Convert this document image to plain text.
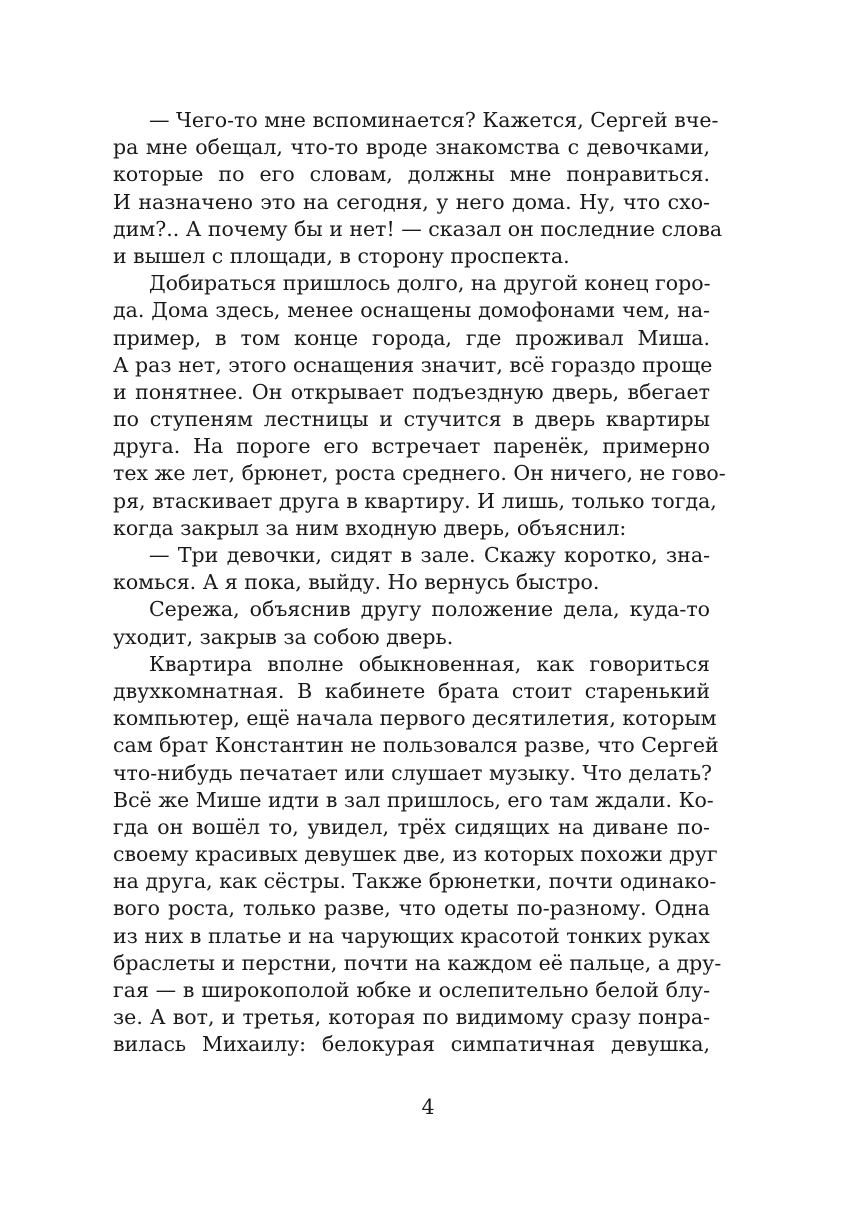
— Чего-то мне вспоминается? Кажется, Сергей вче-
ра мне обещал, что-то вроде знакомства с девочками,
которые по его словам, должны мне понравиться.
И назначено это на сегодня, у него дома. Ну, что схо-
дим?.. А почему бы и нет! — сказал он последние слова
и вышел с площади, в сторону проспекта.
Добираться пришлось долго, на другой конец горо-
да. Дома здесь, менее оснащены домофонами чем, на-
пример, в том конце города, где проживал Миша.
А раз нет, этого оснащения значит, всё гораздо проще
и понятнее. Он открывает подъездную дверь, вбегает
по ступеням лестницы и стучится в дверь квартиры
друга. На пороге его встречает паренёк, примерно
тех же лет, брюнет, роста среднего. Он ничего, не гово-
ря, втаскивает друга в квартиру. И лишь, только тогда,
когда закрыл за ним входную дверь, объяснил:
— Три девочки, сидят в зале. Скажу коротко, зна-
комься. А я пока, выйду. Но вернусь быстро.
Сережа, объяснив другу положение дела, куда-то
уходит, закрыв за собою дверь.
Квартира вполне обыкновенная, как говориться
двухкомнатная. В кабинете брата стоит старенький
компьютер, ещё начала первого десятилетия, которым
сам брат Константин не пользовался разве, что Сергей
что-нибудь печатает или слушает музыку. Что делать?
Всё же Мише идти в зал пришлось, его там ждали. Ко-
гда он вошёл то, увидел, трёх сидящих на диване по-
своему красивых девушек две, из которых похожи друг
на друга, как сёстры. Также брюнетки, почти одинако-
вого роста, только разве, что одеты по-разному. Одна
из них в платье и на чарующих красотой тонких руках
браслеты и перстни, почти на каждом её пальце, а дру-
гая — в широкополой юбке и ослепительно белой блу-
зе. А вот, и третья, которая по видимому сразу понра-
вилась Михаилу: белокурая симпатичная девушка,
4
